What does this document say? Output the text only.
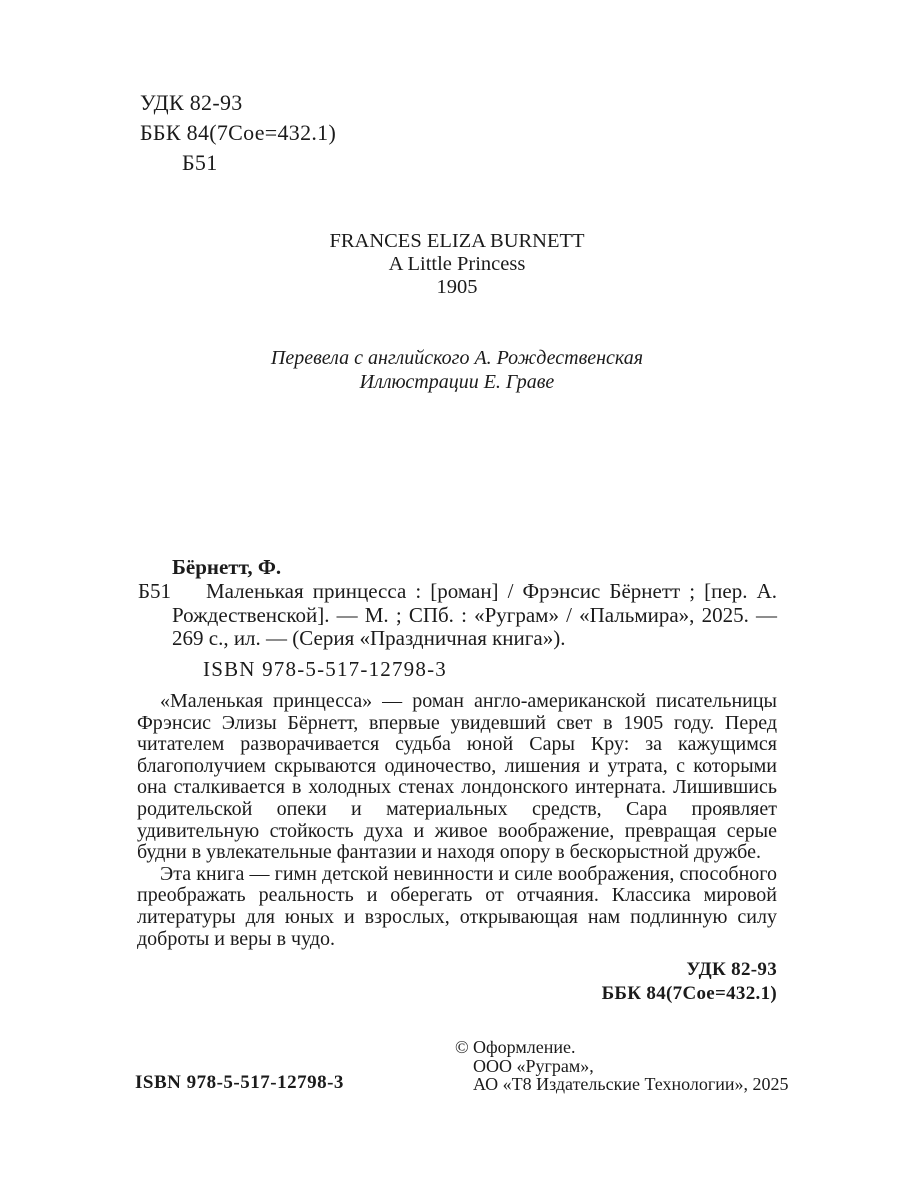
УДК 82-93
ББК 84(7Сое=432.1)
Б51
FRANCES ELIZA BURNETT
A Little Princess
1905
Перевела с английского А. Рождественская
Иллюстрации Е. Граве
Бёрнетт, Ф.
Б51	Маленькая принцесса : [роман] / Фрэнсис Бёрнетт ; [пер. А. Рождественской]. — М. ; СПб. : «Руграм» / «Пальмира», 2025. — 269 с., ил. — (Серия «Праздничная книга»).
ISBN 978-5-517-12798-3

«Маленькая принцесса» — роман англо-американской писательницы Фрэнсис Элизы Бёрнетт, впервые увидевший свет в 1905 году. Перед читателем разворачивается судьба юной Сары Кру: за кажущимся благополучием скрываются одиночество, лишения и утрата, с которыми она сталкивается в холодных стенах лондонского интерната. Лишившись родительской опеки и материальных средств, Сара проявляет удивительную стойкость духа и живое воображение, превращая серые будни в увлекательные фантазии и находя опору в бескорыстной дружбе.

Эта книга — гимн детской невинности и силе воображения, способного преображать реальность и оберегать от отчаяния. Классика мировой литературы для юных и взрослых, открывающая нам подлинную силу доброты и веры в чудо.

УДК 82-93
ББК 84(7Сое=432.1)
ISBN 978-5-517-12798-3
© Оформление.
ООО «Руграм»,
АО «Т8 Издательские Технологии», 2025
